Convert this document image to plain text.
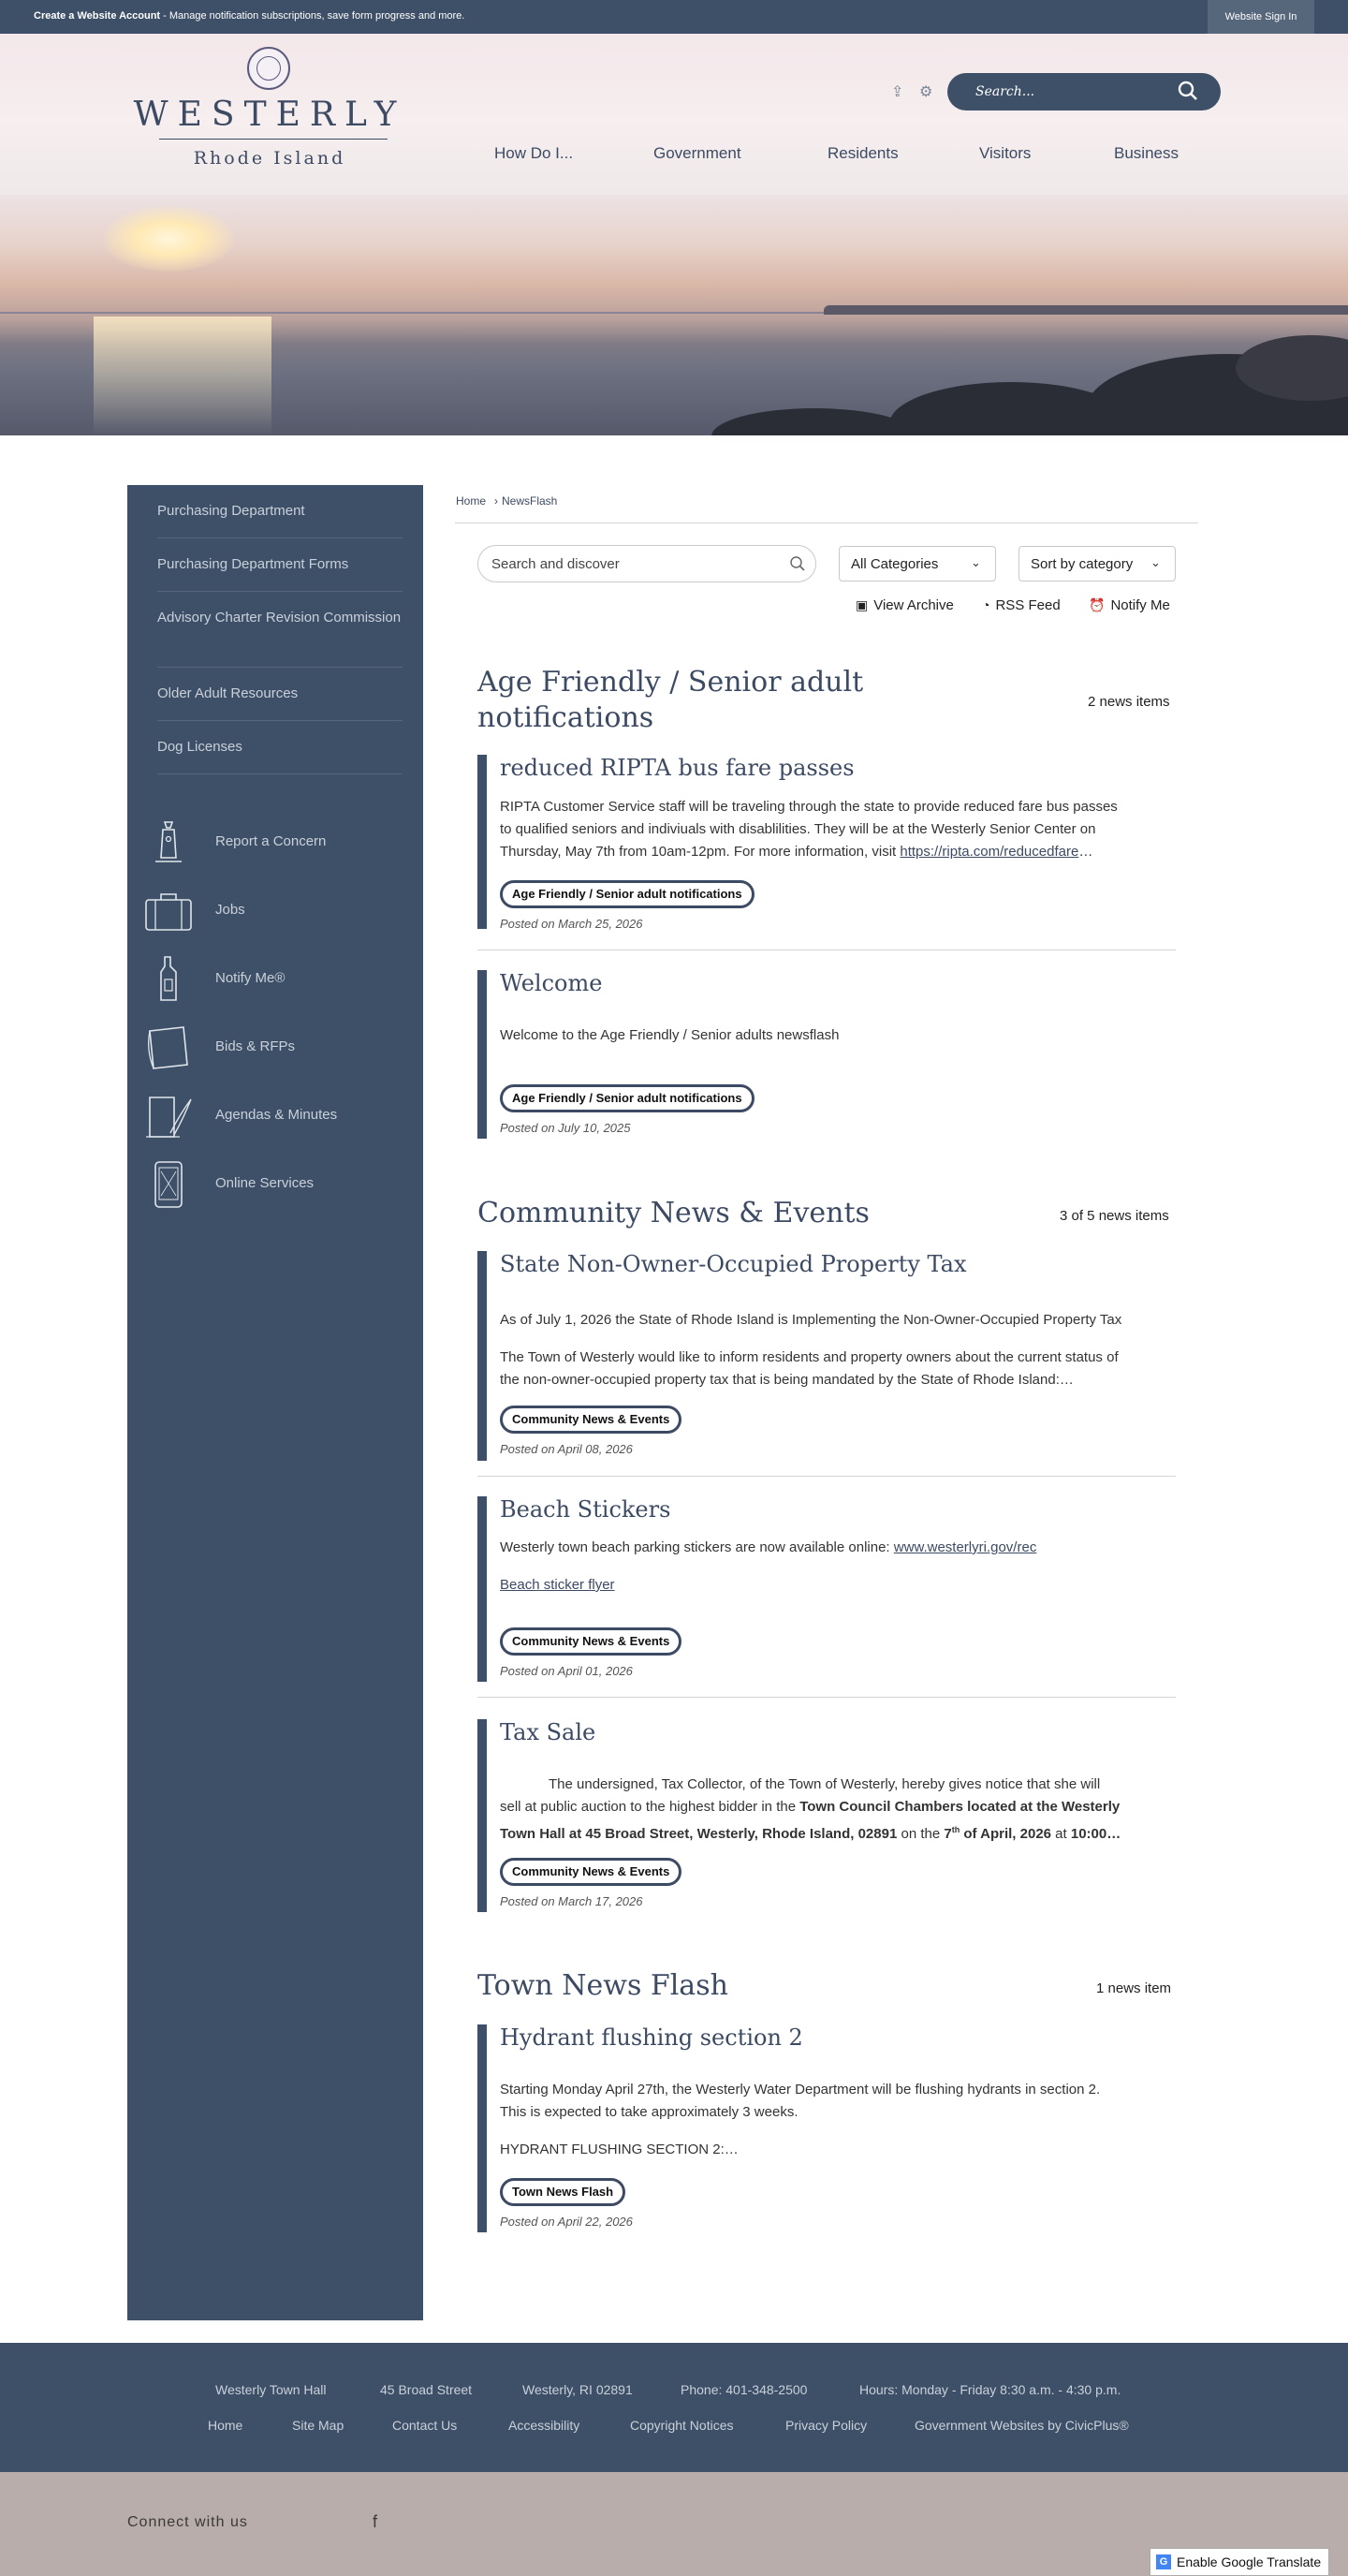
Create a Website Account - Manage notification subscriptions, save form progress and more.	Website Sign In
WESTERLY
Rhode Island
⇪ ⚙	Search...
How Do I...	Government	Residents	Visitors	Business
Purchasing Department
Purchasing Department Forms
Advisory Charter Revision Commission
Older Adult Resources
Dog Licenses
Report a Concern
Jobs
Notify Me®
Bids & RFPs
Agendas & Minutes
Online Services
Home › NewsFlash
Search and discover	All Categories	⌄	Sort by category ⌄
▣ View Archive ◔ RSS Feed ⏰ Notify Me
Age Friendly / Senior adult
notifications	2 news items
reduced RIPTA bus fare passes
RIPTA Customer Service staff will be traveling through the state to provide reduced fare bus passes
to qualified seniors and indiviuals with disablilities. They will be at the Westerly Senior Center on
Thursday, May 7th from 10am-12pm. For more information, visit https://ripta.com/reducedfare…
Age Friendly / Senior adult notifications
Posted on March 25, 2026
Welcome
Welcome to the Age Friendly / Senior adults newsflash
Age Friendly / Senior adult notifications
Posted on July 10, 2025
Community News & Events	3 of 5 news items
State Non-Owner-Occupied Property Tax
As of July 1, 2026 the State of Rhode Island is Implementing the Non-Owner-Occupied Property Tax
The Town of Westerly would like to inform residents and property owners about the current status of
the non-owner-occupied property tax that is being mandated by the State of Rhode Island:…
Community News & Events
Posted on April 08, 2026
Beach Stickers
Westerly town beach parking stickers are now available online: www.westerlyri.gov/rec
Beach sticker flyer
Community News & Events
Posted on April 01, 2026
Tax Sale
The undersigned, Tax Collector, of the Town of Westerly, hereby gives notice that she will
sell at public auction to the highest bidder in the Town Council Chambers located at the Westerly
Town Hall at 45 Broad Street, Westerly, Rhode Island, 02891 on the 7th of April, 2026 at 10:00…
Community News & Events
Posted on March 17, 2026
Town News Flash	1 news item
Hydrant flushing section 2
Starting Monday April 27th, the Westerly Water Department will be flushing hydrants in section 2.
This is expected to take approximately 3 weeks.
HYDRANT FLUSHING SECTION 2:…
Town News Flash
Posted on April 22, 2026
Westerly Town Hall	45 Broad Street	Westerly, RI 02891	Phone: 401-348-2500	Hours: Monday - Friday 8:30 a.m. - 4:30 p.m.
Home	Site Map	Contact Us	Accessibility	Copyright Notices	Privacy Policy	Government Websites by CivicPlus®
Connect with us	f
G Enable Google Translate
